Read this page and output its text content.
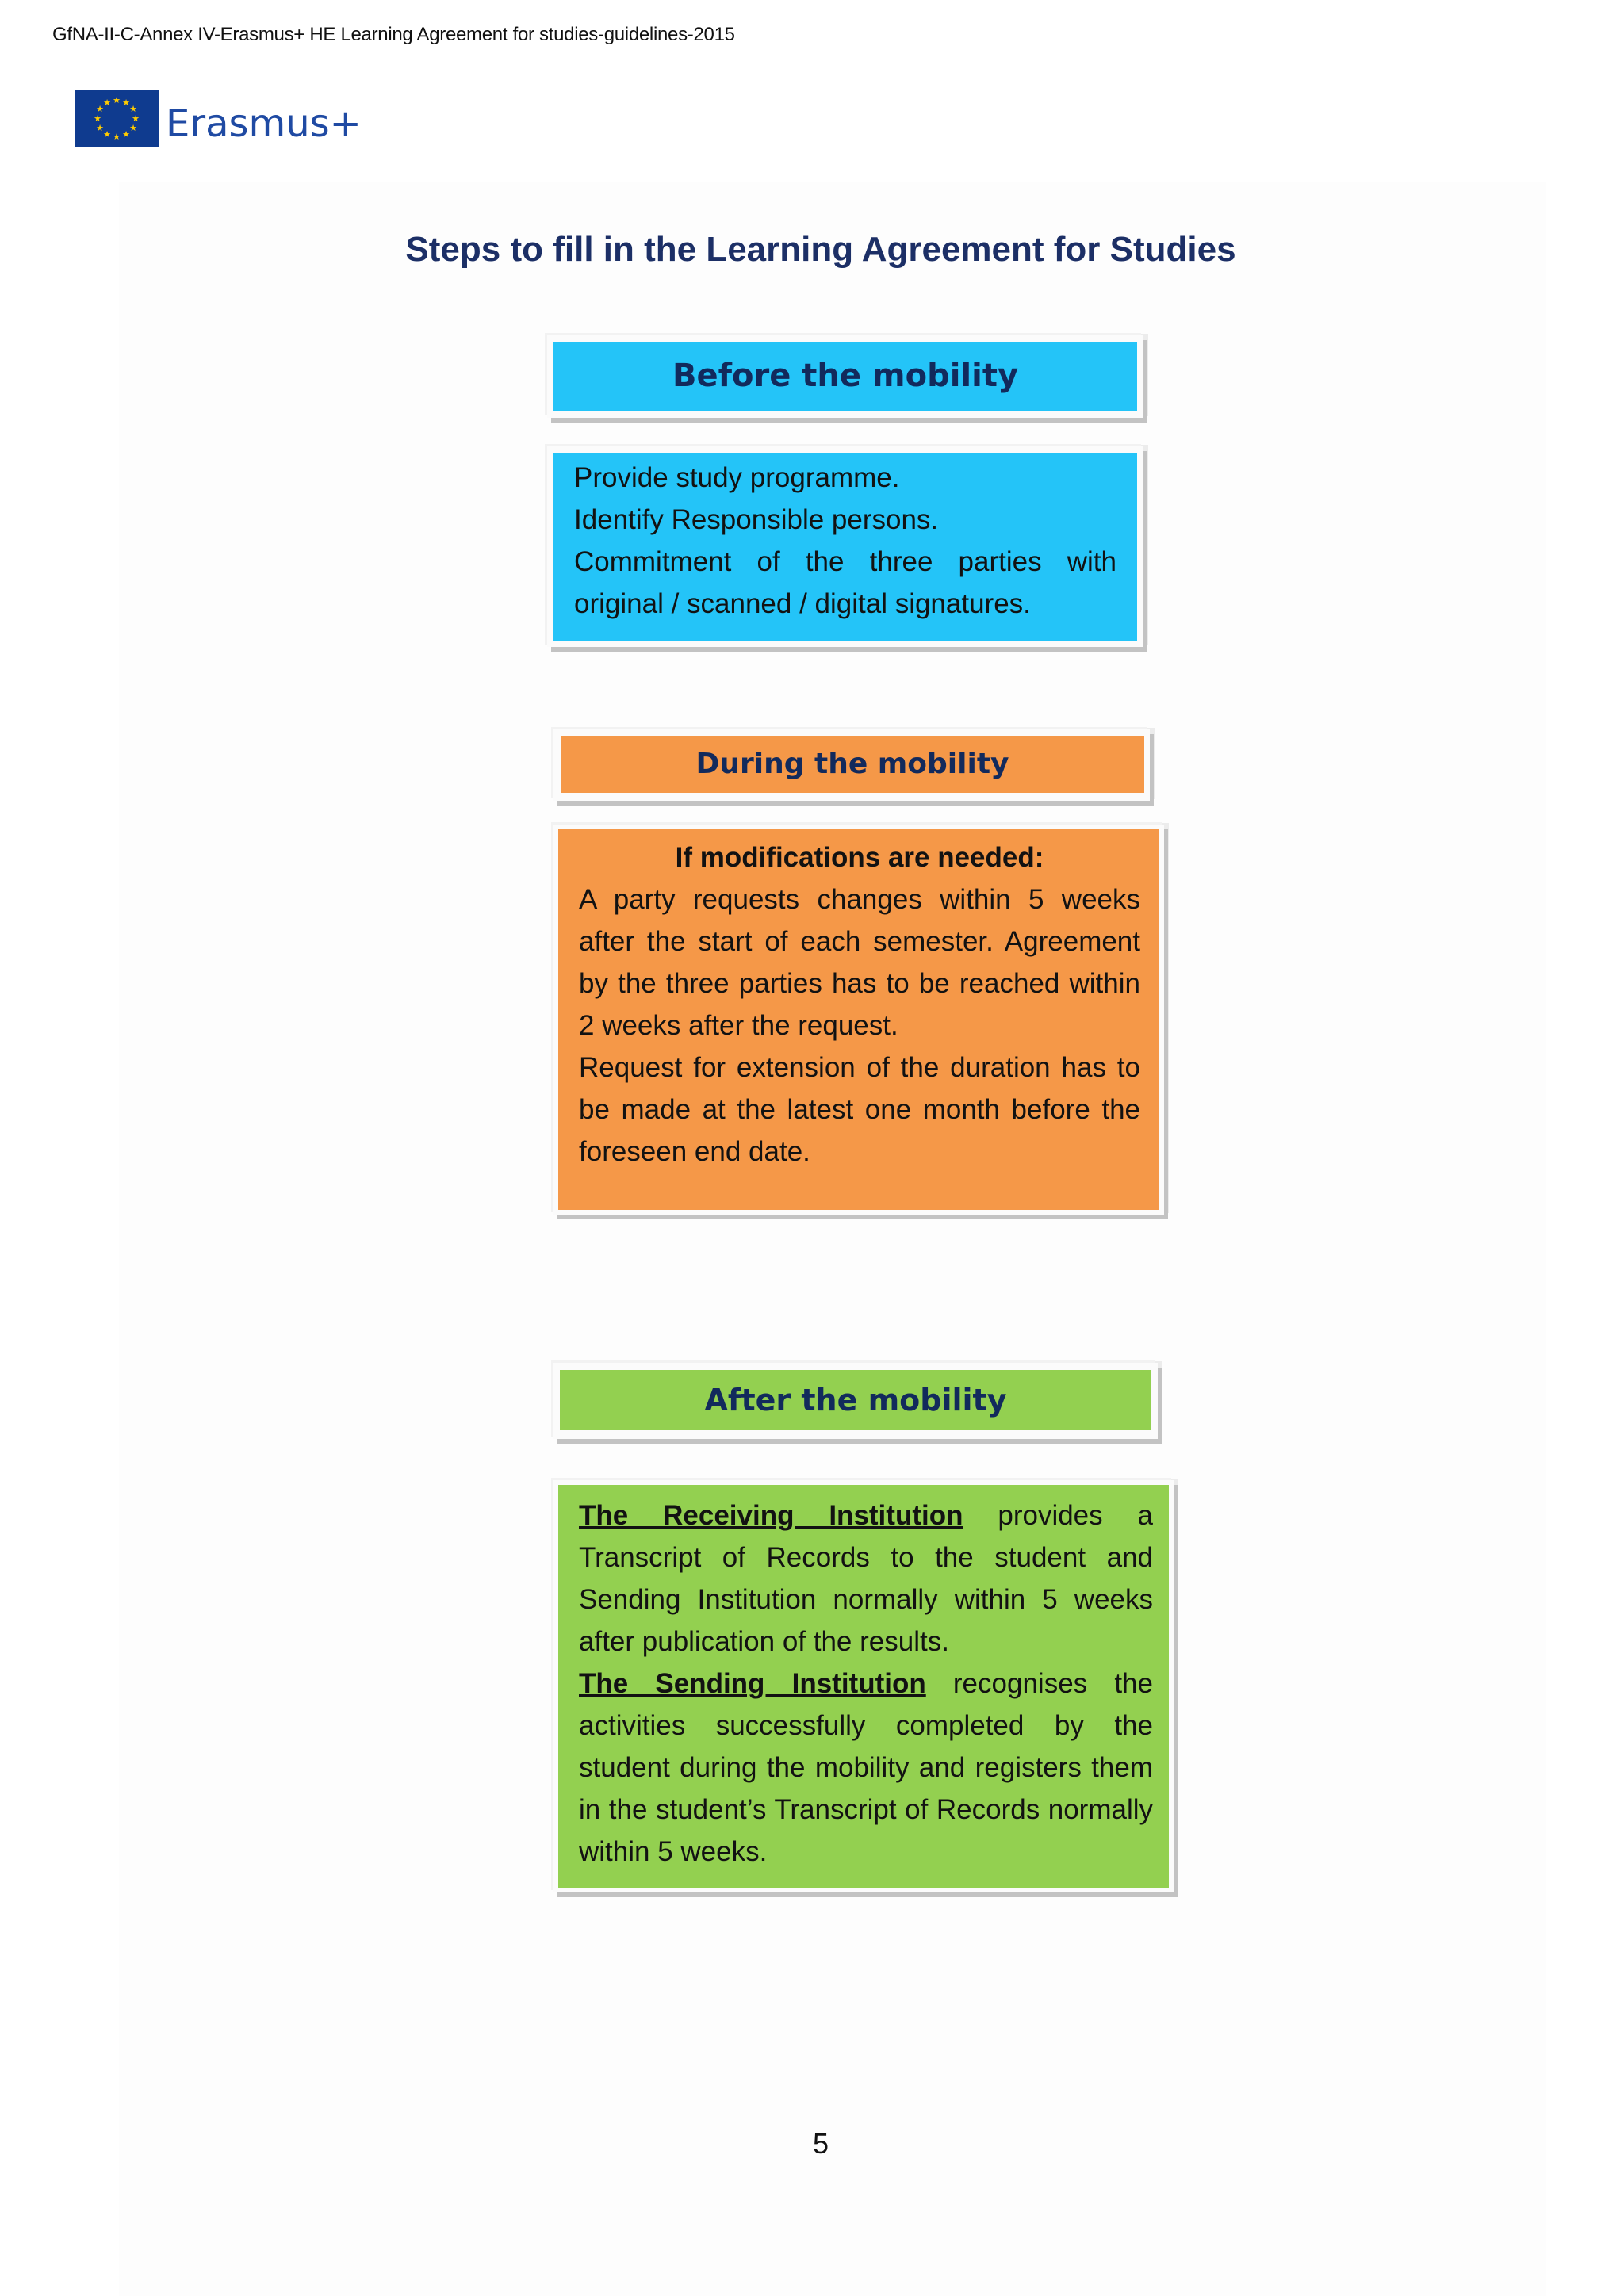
GfNA-II-C-Annex IV-Erasmus+ HE Learning Agreement for studies-guidelines-2015
★ ★
★
★
★
★
★
★
★
★
★
★ Erasmus+
Steps to fill in the Learning Agreement for Studies
Before the mobility

Provide study programme.

Identify Responsible persons.

Commitment of the three parties with original / scanned / digital signatures.

During the mobility

If modifications are needed:

A party requests changes within 5 weeks after the start of each semester. Agreement by the three parties has to be reached within 2 weeks after the request.

Request for extension of the duration has to be made at the latest one month before the foreseen end date.

After the mobility

The Receiving Institution provides a Transcript of Records to the student and Sending Institution normally within 5 weeks after publication of the results.

The Sending Institution recognises the activities successfully completed by the student during the mobility and registers them in the student’s Transcript of Records normally within 5 weeks.

5
